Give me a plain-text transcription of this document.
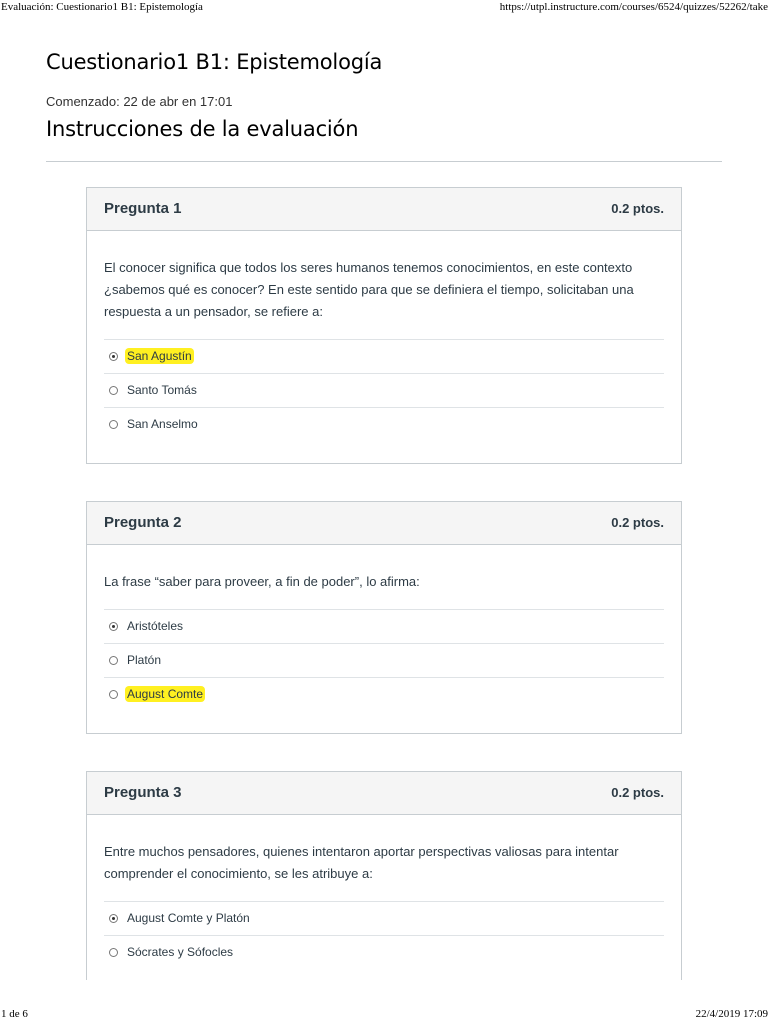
Evaluación: Cuestionario1 B1: Epistemología	https://utpl.instructure.com/courses/6524/quizzes/52262/take
Cuestionario1 B1: Epistemología
Comenzado: 22 de abr en 17:01
Instrucciones de la evaluación
Pregunta 1	0.2 ptos.
El conocer significa que todos los seres humanos tenemos conocimientos, en este contexto ¿sabemos qué es conocer? En este sentido para que se definiera el tiempo, solicitaban una respuesta a un pensador, se refiere a:
San Agustín
Santo Tomás
San Anselmo
Pregunta 2	0.2 ptos.
La frase “saber para proveer, a fin de poder”, lo afirma:
Aristóteles
Platón
August Comte
Pregunta 3	0.2 ptos.
Entre muchos pensadores, quienes intentaron aportar perspectivas valiosas para intentar comprender el conocimiento, se les atribuye a:
August Comte y Platón
Sócrates y Sófocles
1 de 6	22/4/2019 17:09
